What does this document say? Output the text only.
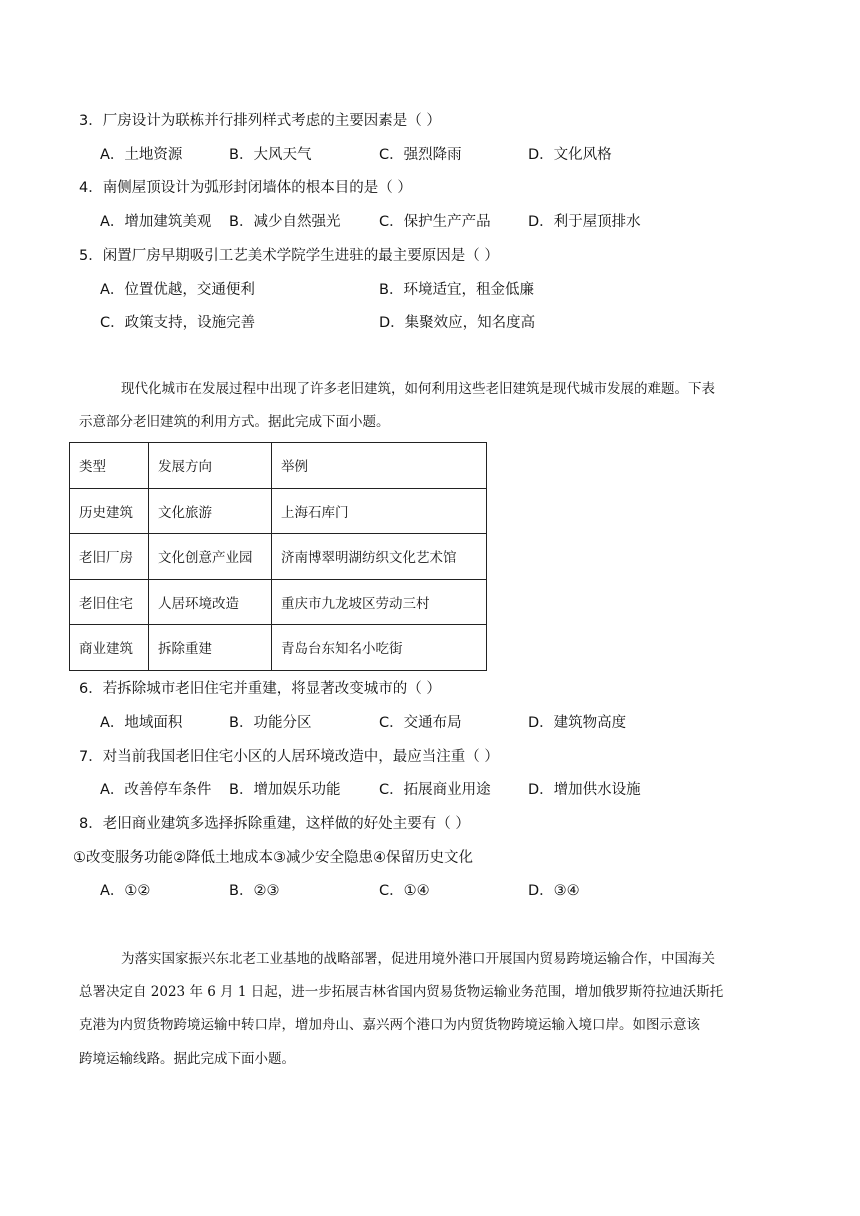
3．厂房设计为联栋并行排列样式考虑的主要因素是（ ）
A．土地资源	B．大风天气	C．强烈降雨	D．文化风格
4．南侧屋顶设计为弧形封闭墙体的根本目的是（ ）
A．增加建筑美观 B．减少自然强光	C．保护生产产品	D．利于屋顶排水
5．闲置厂房早期吸引工艺美术学院学生进驻的最主要原因是（ ）
A．位置优越，交通便利	B．环境适宜，租金低廉
C．政策支持，设施完善	D．集聚效应，知名度高
现代化城市在发展过程中出现了许多老旧建筑，如何利用这些老旧建筑是现代城市发展的难题。下表
示意部分老旧建筑的利用方式。据此完成下面小题。
类型	发展方向	举例
历史建筑	文化旅游	上海石库门
老旧厂房	文化创意产业园	济南博翠明湖纺织文化艺术馆
老旧住宅	人居环境改造	重庆市九龙坡区劳动三村
商业建筑	拆除重建	青岛台东知名小吃街
6．若拆除城市老旧住宅并重建，将显著改变城市的（ ）
A．地域面积	B．功能分区	C．交通布局	D．建筑物高度
7．对当前我国老旧住宅小区的人居环境改造中，最应当注重（ ）
A．改善停车条件 B．增加娱乐功能	C．拓展商业用途	D．增加供水设施
8．老旧商业建筑多选择拆除重建，这样做的好处主要有（ ）
①改变服务功能②降低土地成本③减少安全隐患④保留历史文化
A．①②	B．②③	C．①④	D．③④
为落实国家振兴东北老工业基地的战略部署，促进用境外港口开展国内贸易跨境运输合作，中国海关
总署决定自 2023 年 6 月 1 日起，进一步拓展吉林省国内贸易货物运输业务范围，增加俄罗斯符拉迪沃斯托
克港为内贸货物跨境运输中转口岸，增加舟山、嘉兴两个港口为内贸货物跨境运输入境口岸。如图示意该
跨境运输线路。据此完成下面小题。
